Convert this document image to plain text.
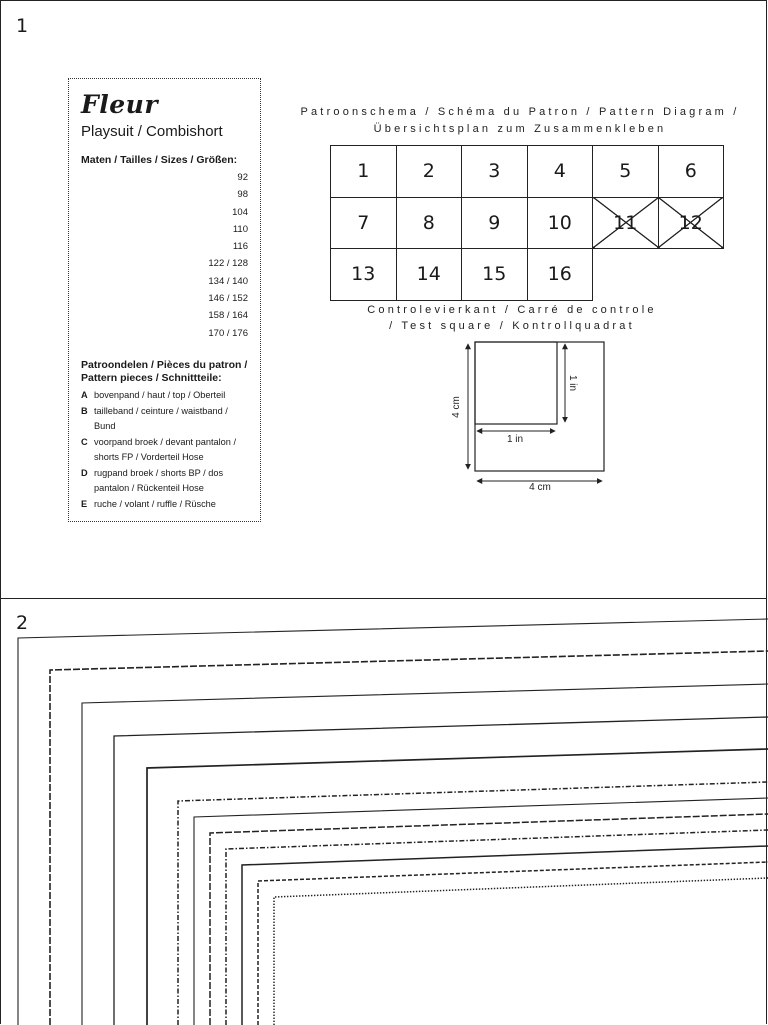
1
Fleur
Playsuit / Combishort
Maten / Tailles / Sizes / Größen:
92
98
104
110
116
122 / 128
134 / 140
146 / 152
158 / 164
170 / 176
Patroondelen / Pièces du patron / Pattern pieces / Schnittteile:
A bovenpand / haut / top / Oberteil
B tailleband / ceinture / waistband / Bund
C voorpand broek / devant pantalon / shorts FP / Vorderteil Hose
D rugpand broek / shorts BP / dos pantalon / Rückenteil Hose
E ruche / volant / ruffle / Rüsche
Patroonschema / Schéma du Patron / Pattern Diagram /
Übersichtsplan zum Zusammenkleben
1	2	3	4	5	6
7	8	9	10	11	12
13	14	15	16		
Controlevierkant / Carré de controle
/ Test square / Kontrollquadrat
4 cm
4 cm
1 in
1 in
2
